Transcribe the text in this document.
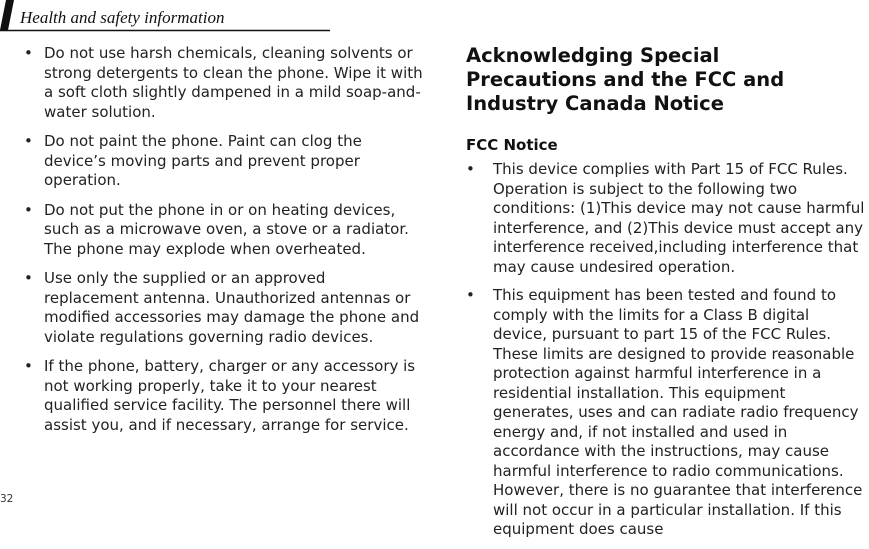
Health and safety information
• Do not use harsh chemicals, cleaning solvents or strong detergents to clean the phone. Wipe it with a soft cloth slightly dampened in a mild soap-and-water solution.
• Do not paint the phone. Paint can clog the device’s moving parts and prevent proper operation.
• Do not put the phone in or on heating devices, such as a microwave oven, a stove or a radiator. The phone may explode when overheated.
• Use only the supplied or an approved replacement antenna. Unauthorized antennas or modified accessories may damage the phone and violate regulations governing radio devices.
• If the phone, battery, charger or any accessory is not working properly, take it to your nearest qualified service facility. The personnel there will assist you, and if necessary, arrange for service.
Acknowledging Special Precautions and the FCC and Industry Canada Notice
FCC Notice
• This device complies with Part 15 of FCC Rules. Operation is subject to the following two conditions: (1)This device may not cause harmful interference, and (2)This device must accept any interference received,including interference that may cause undesired operation.
• This equipment has been tested and found to comply with the limits for a Class B digital device, pursuant to part 15 of the FCC Rules. These limits are designed to provide reasonable protection against harmful interference in a residential installation. This equipment generates, uses and can radiate radio frequency energy and, if not installed and used in accordance with the instructions, may cause harmful interference to radio communications. However, there is no guarantee that interference will not occur in a particular installation. If this equipment does cause
32
